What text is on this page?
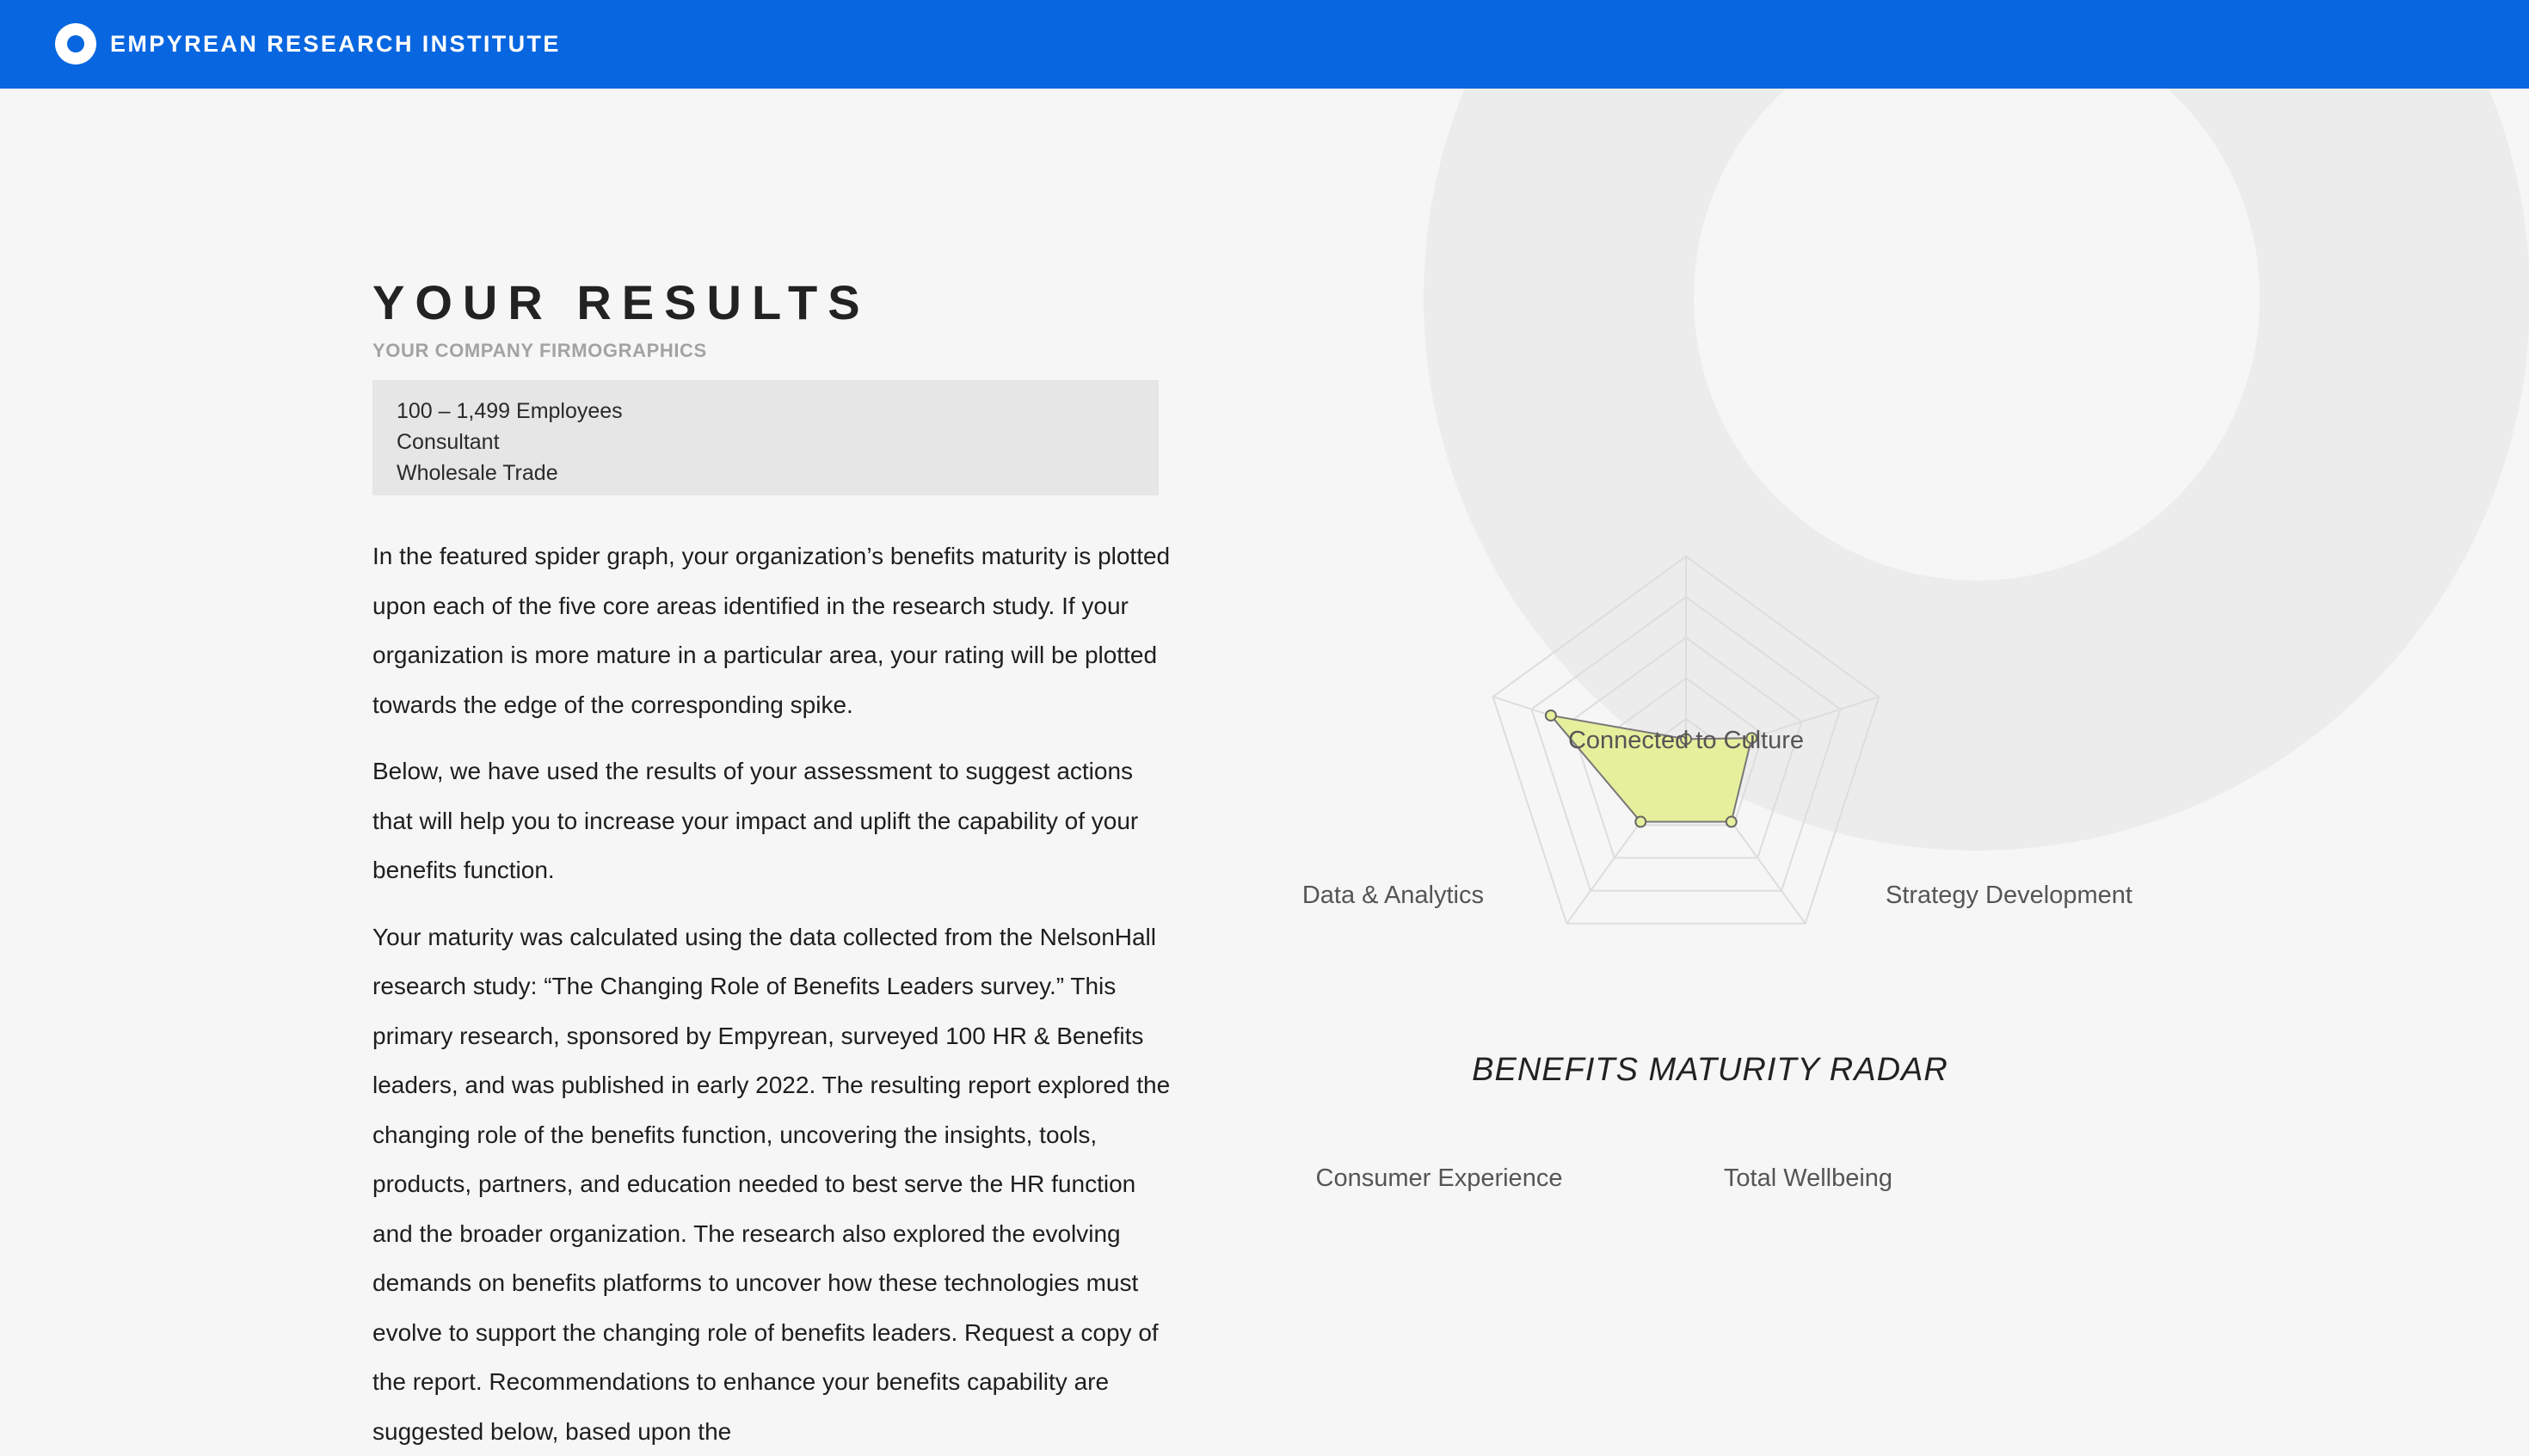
EMPYREAN RESEARCH INSTITUTE
YOUR RESULTS
YOUR COMPANY FIRMOGRAPHICS
100 – 1,499 Employees
Consultant
Wholesale Trade

In the featured spider graph, your organization’s benefits maturity is plotted upon each of the five core areas identified in the research study. If your organization is more mature in a particular area, your rating will be plotted towards the edge of the corresponding spike.

Below, we have used the results of your assessment to suggest actions that will help you to increase your impact and uplift the capability of your benefits function.

Your maturity was calculated using the data collected from the NelsonHall research study: “The Changing Role of Benefits Leaders survey.” This primary research, sponsored by Empyrean, surveyed 100 HR & Benefits leaders, and was published in early 2022. The resulting report explored the changing role of the benefits function, uncovering the insights, tools, products, partners, and education needed to best serve the HR function and the broader organization. The research also explored the evolving demands on benefits platforms to uncover how these technologies must evolve to support the changing role of benefits leaders. Request a copy of the report. Recommendations to enhance your benefits capability are suggested below, based upon the

Connected to Culture
Strategy Development
Total Wellbeing
Consumer Experience
Data & Analytics
BENEFITS MATURITY RADAR
